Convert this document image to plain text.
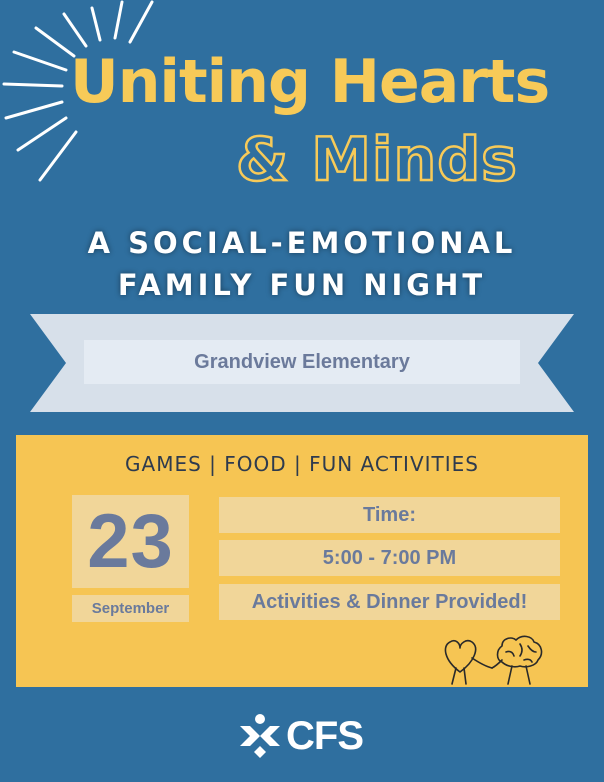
Uniting Hearts
& Minds
A SOCIAL-EMOTIONAL
FAMILY FUN NIGHT
Grandview Elementary
GAMES | FOOD | FUN ACTIVITIES
23
September
Time:
5:00 - 7:00 PM
Activities & Dinner Provided!
CFS
